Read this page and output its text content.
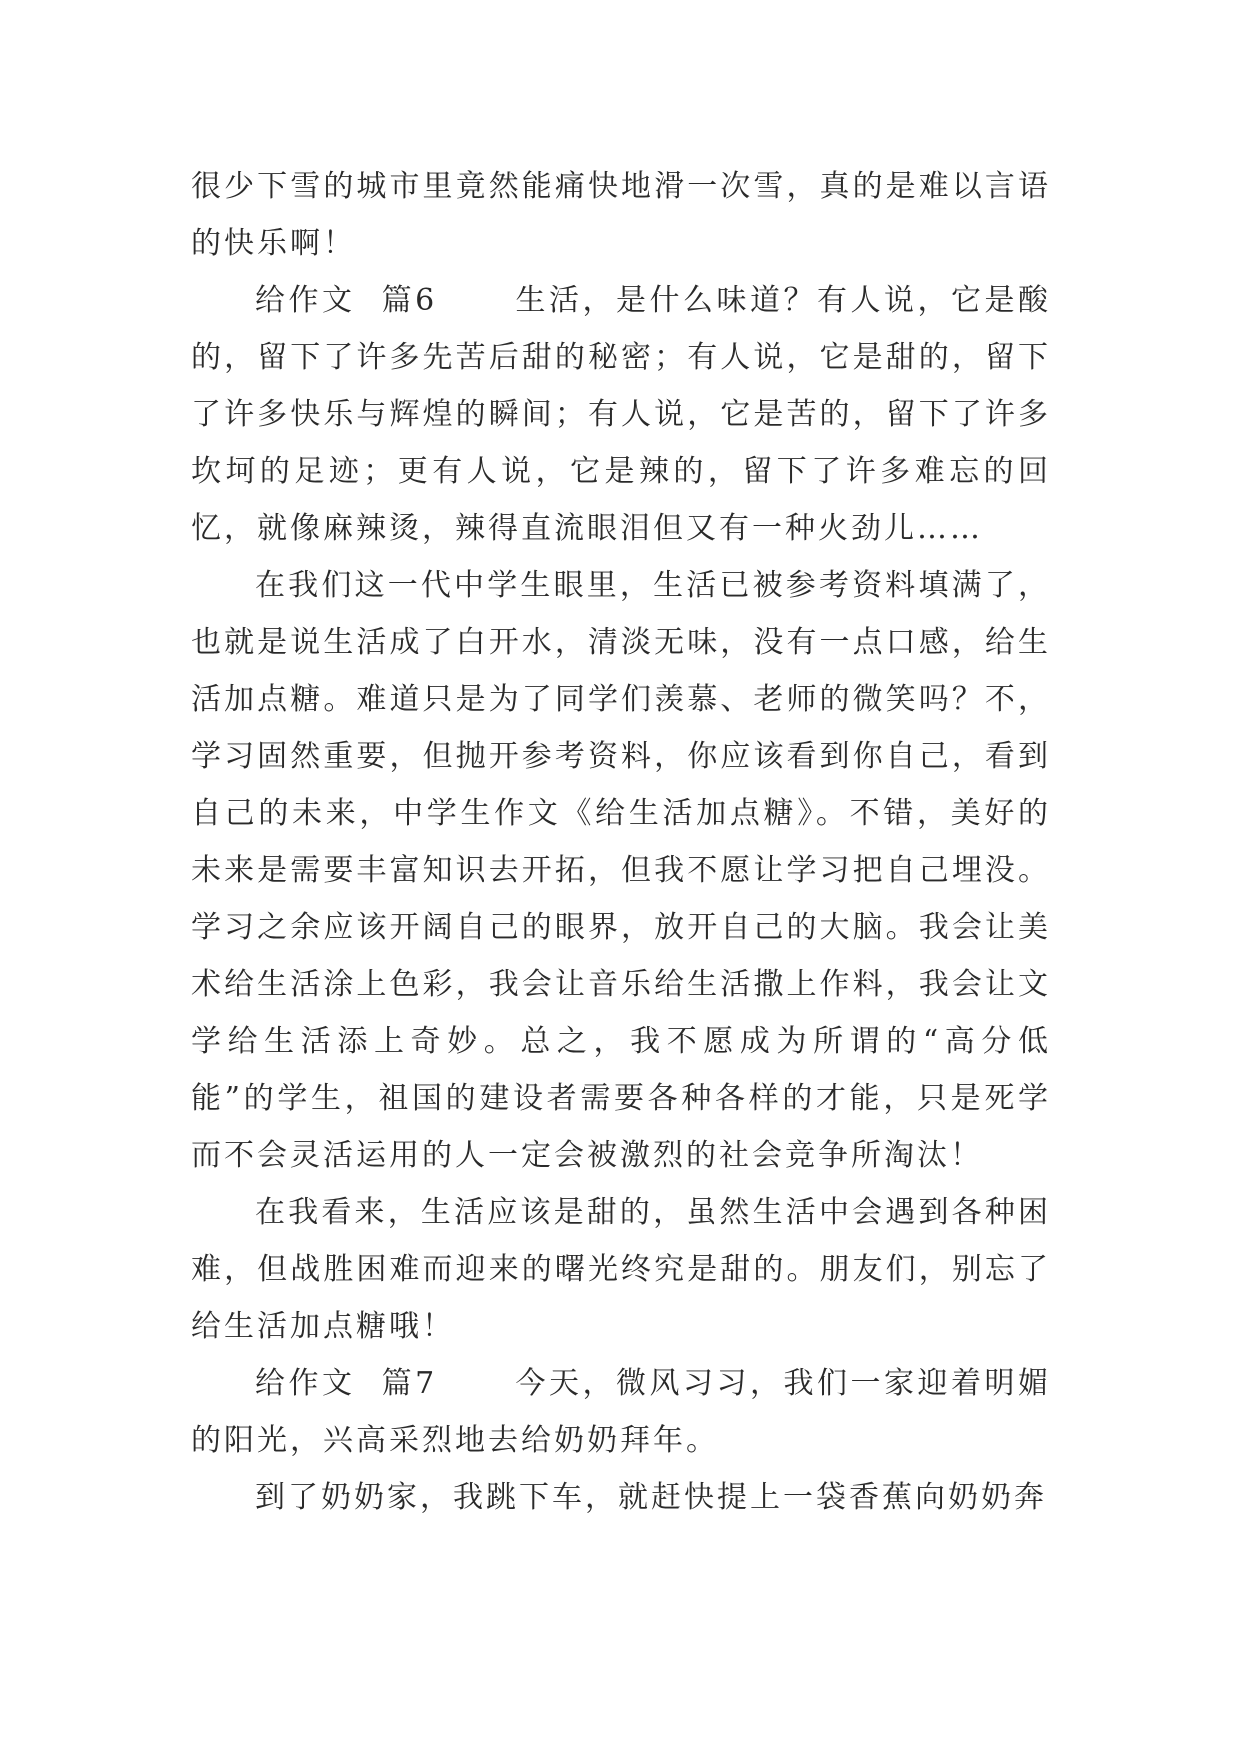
很少下雪的城市里竟然能痛快地滑一次雪，真的是难以言语的快乐啊！

给作文  篇6	生活，是什么味道？有人说，它是酸的，留下了许多先苦后甜的秘密；有人说，它是甜的，留下了许多快乐与辉煌的瞬间；有人说，它是苦的，留下了许多坎坷的足迹；更有人说，它是辣的，留下了许多难忘的回忆，就像麻辣烫，辣得直流眼泪但又有一种火劲儿……

在我们这一代中学生眼里，生活已被参考资料填满了，也就是说生活成了白开水，清淡无味，没有一点口感，给生活加点糖。难道只是为了同学们羡慕、老师的微笑吗？不，学习固然重要，但抛开参考资料，你应该看到你自己，看到自己的未来，中学生作文《给生活加点糖》。不错，美好的未来是需要丰富知识去开拓，但我不愿让学习把自己埋没。学习之余应该开阔自己的眼界，放开自己的大脑。我会让美术给生活涂上色彩，我会让音乐给生活撒上作料，我会让文学给生活添上奇妙。总之，我不愿成为所谓的“高分低能”的学生，祖国的建设者需要各种各样的才能，只是死学而不会灵活运用的人一定会被激烈的社会竞争所淘汰！

在我看来，生活应该是甜的，虽然生活中会遇到各种困难，但战胜困难而迎来的曙光终究是甜的。朋友们，别忘了给生活加点糖哦！

给作文  篇7	今天，微风习习，我们一家迎着明媚的阳光，兴高采烈地去给奶奶拜年。

到了奶奶家，我跳下车，就赶快提上一袋香蕉向奶奶奔
